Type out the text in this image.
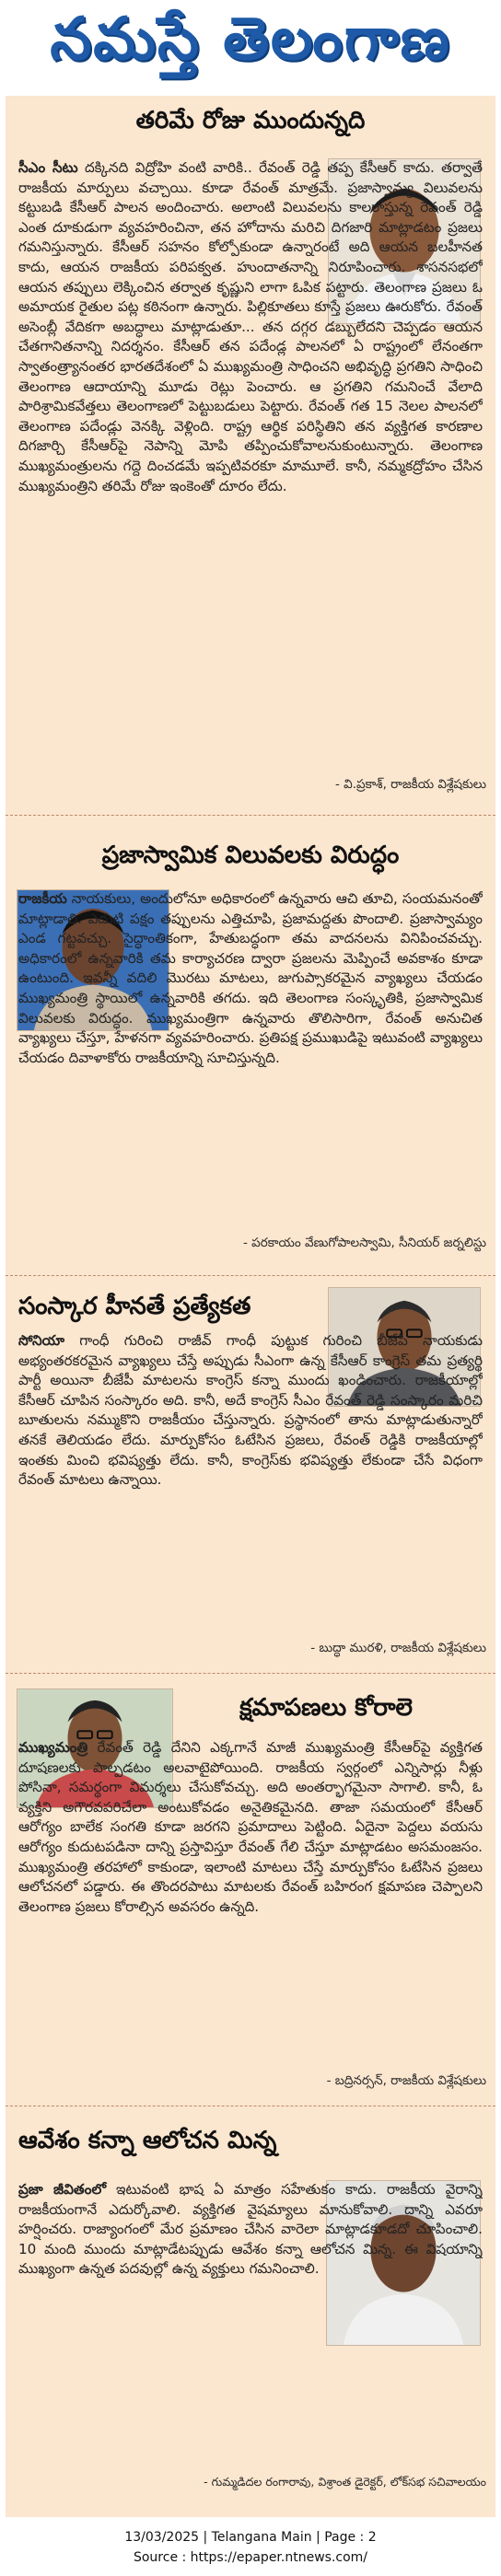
నమస్తే తెలంగాణ
తరిమే రోజు ముందున్నది
సీఎం సీటు దక్కినది విద్రోహి వంటి వారికి.. రేవంత్ రెడ్డి తప్ప కేసీఆర్ కాదు. తర్వాతే రాజకీయ మార్పులు వచ్చాయి. కూడా రేవంత్ మాత్రమే. ప్రజాస్వామ్య విలువలను కట్టుబడి కేసీఆర్ పాలన అందించారు. అలాంటి విలువలను కాలరాస్తున్న రేవంత్ రెడ్డి ఎంత దూకుడుగా వ్యవహరించినా, తన హోదాను మరిచి దిగజారి మాట్లాడటం ప్రజలు గమనిస్తున్నారు. కేసీఆర్ సహనం కోల్పోకుండా ఉన్నారంటే అది ఆయన బలహీనత కాదు, ఆయన రాజకీయ పరిపక్వత. హుందాతనాన్ని నిరూపించారు. శాసనసభలో ఆయన తప్పులు లెక్కించిన తర్వాత కృష్ణుని లాగా ఓపిక పట్టారు. తెలంగాణ ప్రజలు ఓ అమాయక రైతుల పట్ల కఠినంగా ఉన్నారు. పిల్లికూతలు కూస్తే ప్రజలు ఊరుకోరు. రేవంత్ అసెంబ్లీ వేదికగా అబద్ధాలు మాట్లాడుతూ... తన దగ్గర డబ్బులేదని చెప్పడం ఆయన చేతగానితనాన్ని నిదర్శనం. కేసీఆర్ తన పదేండ్ల పాలనలో ఏ రాష్ట్రంలో లేనంతగా స్వాతంత్ర్యానంతర భారతదేశంలో ఏ ముఖ్యమంత్రి సాధించని అభివృద్ధి ప్రగతిని సాధించి తెలంగాణ ఆదాయాన్ని మూడు రెట్లు పెంచారు. ఆ ప్రగతిని గమనించే వేలాది పారిశ్రామికవేత్తలు తెలంగాణలో పెట్టుబడులు పెట్టారు. రేవంత్ గత 15 నెలల పాలనలో తెలంగాణ పదేండ్లు వెనక్కి వెళ్లింది. రాష్ట్ర ఆర్థిక పరిస్థితిని తన వ్యక్తిగత కారణాల దిగజార్చి కేసీఆర్‌పై నెపాన్ని మోపి తప్పించుకోవాలనుకుంటున్నారు. తెలంగాణ ముఖ్యమంత్రులను గద్దె దించడమే ఇప్పటివరకూ మామూలే. కానీ, నమ్మకద్రోహం చేసిన ముఖ్యమంత్రిని తరిమే రోజు ఇంకెంతో దూరం లేదు.
- వి.ప్రకాశ్, రాజకీయ విశ్లేషకులు
ప్రజాస్వామిక విలువలకు విరుద్ధం
రాజకీయ నాయకులు, అందులోనూ అధికారంలో ఉన్నవారు ఆచి తూచి, సంయమనంతో మాట్లాడాలి. ఎదుటి పక్షం తప్పులను ఎత్తిచూపి, ప్రజామద్దతు పొందాలి. ప్రజాస్వామ్యం ఎండ గట్టవచ్చు. సైద్ధాంతికంగా, హేతుబద్ధంగా తమ వాదనలను వినిపించవచ్చు. అధికారంలో ఉన్నవారికి తమ కార్యాచరణ ద్వారా ప్రజలను మెప్పించే అవకాశం కూడా ఉంటుంది. ఇవన్నీ వదిలి మొరటు మాటలు, జుగుప్సాకరమైన వ్యాఖ్యలు చేయడం ముఖ్యమంత్రి స్థాయిలో ఉన్నవారికి తగదు. ఇది తెలంగాణ సంస్కృతికి, ప్రజాస్వామిక విలువలకు విరుద్ధం. ముఖ్యమంత్రిగా ఉన్నవారు తొలిసారిగా, రేవంత్ అనుచిత వ్యాఖ్యలు చేస్తూ, హేళనగా వ్యవహరించారు. ప్రతిపక్ష ప్రముఖుడిపై ఇటువంటి వ్యాఖ్యలు చేయడం దివాళాకోరు రాజకీయాన్ని సూచిస్తున్నది.
- పరకాయం వేణుగోపాలస్వామి, సీనియర్ జర్నలిస్టు
సంస్కార హీనతే ప్రత్యేకత
సోనియా గాంధీ గురించి రాజీవ్ గాంధీ పుట్టుక గురించి బీజేపీ నాయకుడు అభ్యంతరకరమైన వ్యాఖ్యలు చేస్తే అప్పుడు సీఎంగా ఉన్న కేసీఆర్ కాంగ్రెస్ తమ ప్రత్యర్థి పార్టీ అయినా బీజేపీ మాటలను కాంగ్రెస్ కన్నా ముందు ఖండించారు. రాజకీయాల్లో కేసీఆర్ చూపిన సంస్కారం అది. కానీ, అదే కాంగ్రెస్ సీఎం రేవంత్ రెడ్డి సంస్కారం మరిచి బూతులను నమ్ముకొని రాజకీయం చేస్తున్నారు. ప్రస్థానంలో తాను మాట్లాడుతున్నారో తనకే తెలియడం లేదు. మార్పుకోసం ఓటేసిన ప్రజలు, రేవంత్ రెడ్డికి రాజకీయాల్లో ఇంతకు మించి భవిష్యత్తు లేదు. కానీ, కాంగ్రెస్‌కు భవిష్యత్తు లేకుండా చేసే విధంగా రేవంత్ మాటలు ఉన్నాయి.
- బుద్ధా మురళి, రాజకీయ విశ్లేషకులు
క్షమాపణలు కోరాలె
ముఖ్యమంత్రి రేవంత్ రెడ్డి దేనిని ఎక్కగానే మాజీ ముఖ్యమంత్రి కేసీఆర్‌పై వ్యక్తిగత దూషణలకు పాల్పడటం అలవాటైపోయింది. రాజకీయ స్వర్గంలో ఎన్నిసార్లు నీళ్లు పోసినా, సమర్థంగా విమర్శలు చేసుకోవచ్చు. అది అంతర్భాగమైనా సాగాలి. కానీ, ఓ వ్యక్తిని అగౌరవపరిచేలా అంటుకోవడం అనైతికమైనది. తాజా సమయంలో కేసీఆర్ ఆరోగ్యం బాలేక సంగతి కూడా జరగని ప్రమాదాలు పెట్టింది. ఏదైనా పెద్దలు వయసు ఆరోగ్యం కుదుటపడినా దాన్ని ప్రస్తావిస్తూ రేవంత్ గేలి చేస్తూ మాట్లాడటం అసమంజసం. ముఖ్యమంత్రి తరహాలో కాకుండా, ఇలాంటి మాటలు చేస్తే మార్పుకోసం ఓటేసిన ప్రజలు ఆలోచనలో పడ్డారు. ఈ తొందరపాటు మాటలకు రేవంత్ బహిరంగ క్షమాపణ చెప్పాలని తెలంగాణ ప్రజలు కోరాల్సిన అవసరం ఉన్నది.
- బద్రినర్సన్, రాజకీయ విశ్లేషకులు
ఆవేశం కన్నా ఆలోచన మిన్న
ప్రజా జీవితంలో ఇటువంటి భాష ఏ మాత్రం సహేతుకం కాదు. రాజకీయ వైరాన్ని రాజకీయంగానే ఎదుర్కోవాలి. వ్యక్తిగత వైషమ్యాలు మానుకోవాలి. దాన్ని ఎవరూ హర్షించరు. రాజ్యాంగంలో మేర ప్రమాణం చేసిన వారెలా మాట్లాడకూడదో చూపించాలి. 10 మంది ముందు మాట్లాడేటప్పుడు ఆవేశం కన్నా ఆలోచన మిన్న. ఈ విషయాన్ని ముఖ్యంగా ఉన్నత పదవుల్లో ఉన్న వ్యక్తులు గమనించాలి.
- గుమ్మడిదల రంగారావు, విశ్రాంత డైరెక్టర్, లోక్‌సభ సచివాలయం
13/03/2025 | Telangana Main | Page : 2
Source : https://epaper.ntnews.com/
